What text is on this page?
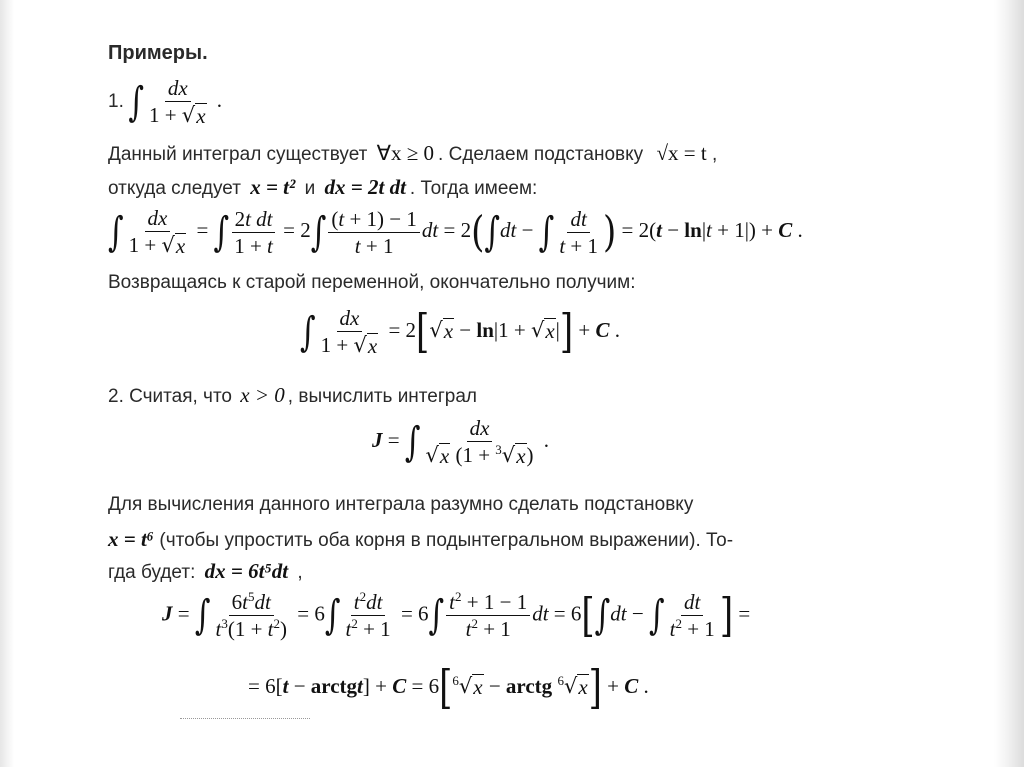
Примеры.
1. ∫ $\frac{dx}{1 + √ x}$ .
Данный интеграл существует ∀x ≥ 0 . Сделаем подстановку √x = t ,
откуда следует x = t² и dx = 2t dt . Тогда имеем:
∫ $\frac{dx}{1 + √ x}$ = ∫ $\frac{\text{2t dt}}{1 + t} = 2\int \frac{(t + 1) - 1}{t + 1}$ dt = 2(∫dt − ∫ $\frac{dt}{t + 1}$ ) = 2(t − ln|t + 1|) + C .
Возвращаясь к старой переменной, окончательно получим:
∫ $\frac{dx}{1 + √ x} = 2$[ √ x − ln|1 + √ x |] + C .
2. Считая, что x > 0 , вычислить интеграл
J = ∫ $\frac{dx}{√ x (1 + ^3 √ x )}$ .
Для вычисления данного интеграла разумно сделать подстановку
x = t⁶ (чтобы упростить оба корня в подынтегральном выражении). То-
гда будет: dx = 6t⁵dt ,
J = ∫ $\frac{6t^5dt}{t^3(1 + t^2)} = 6\int \frac{t^2dt}{t^2 + 1} = 6\int \frac{t^2 + 1 - 1}{t^2 + 1}$ dt = 6[∫dt − ∫ $\frac{dt}{t^2 + 1}$ ] =
= 6[t − arctgt] + C = 6[$^6$ √ x − arctg $^6$ √ x ] + C .
